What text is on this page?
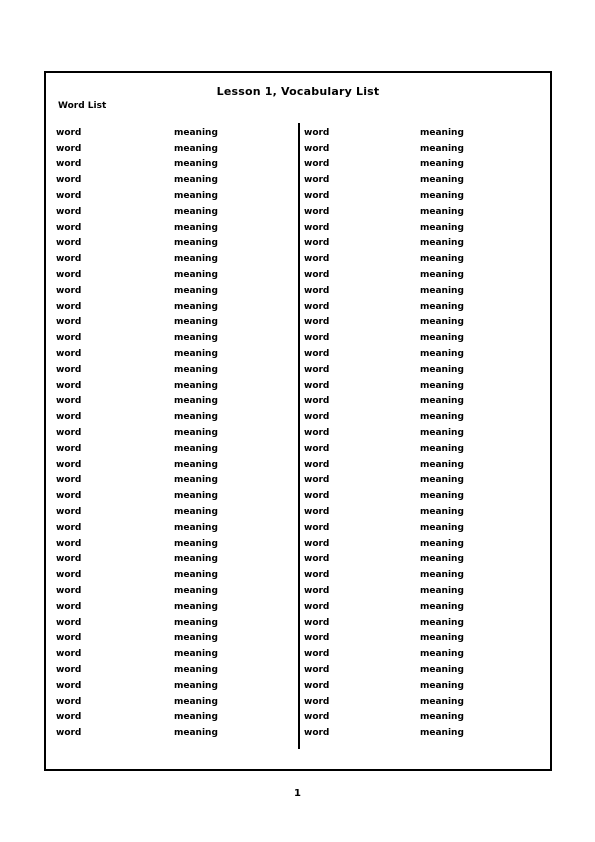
Lesson 1, Vocabulary List
Word List
word	meaning
word	meaning
word	meaning
word	meaning
word	meaning
word	meaning
word	meaning
word	meaning
word	meaning
word	meaning
word	meaning
word	meaning
word	meaning
word	meaning
word	meaning
word	meaning
word	meaning
word	meaning
word	meaning
word	meaning
word	meaning
word	meaning
word	meaning
word	meaning
word	meaning
word	meaning
word	meaning
word	meaning
word	meaning
word	meaning
word	meaning
word	meaning
word	meaning
word	meaning
word	meaning
word	meaning
word	meaning
word	meaning
word	meaning
word	meaning
word	meaning
word	meaning
word	meaning
word	meaning
word	meaning
word	meaning
word	meaning
word	meaning
word	meaning
word	meaning
word	meaning
word	meaning
word	meaning
word	meaning
word	meaning
word	meaning
word	meaning
word	meaning
word	meaning
word	meaning
word	meaning
word	meaning
word	meaning
word	meaning
word	meaning
word	meaning
word	meaning
word	meaning
word	meaning
word	meaning
word	meaning
word	meaning
word	meaning
word	meaning
word	meaning
word	meaning
word	meaning
word	meaning
1
